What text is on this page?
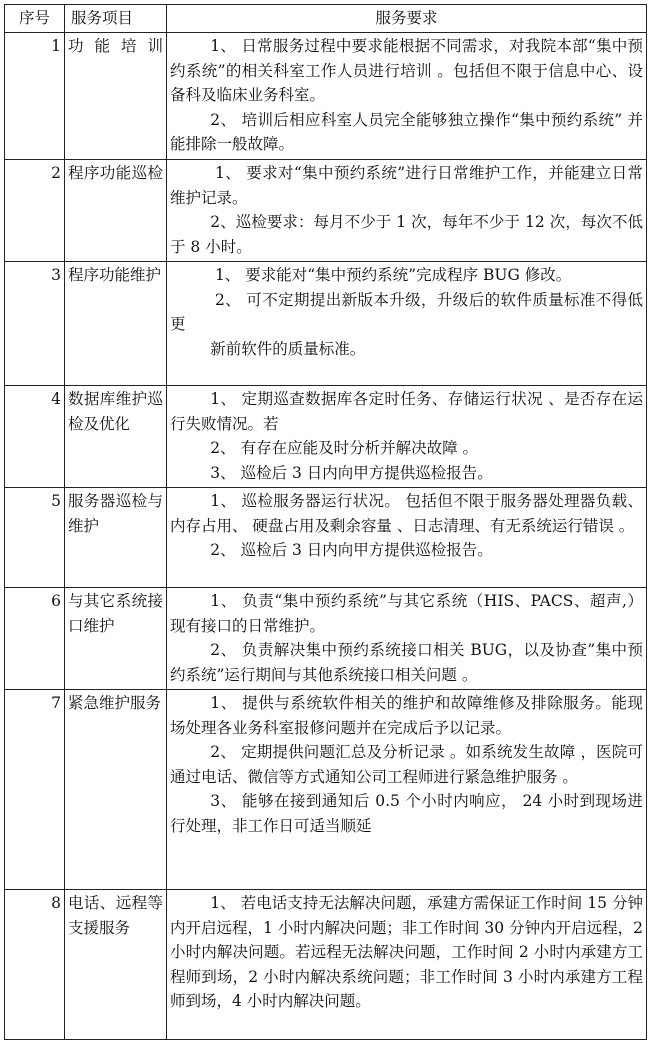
序号	服务项目	服务要求
1	功能培训	1、 日常服务过程中要求能根据不同需求，对我院本部“集中预约系统”的相关科室工作人员进行培训 。包括但不限于信息中心、设备科及临床业务科室。
2、 培训后相应科室人员完全能够独立操作“集中预约系统” 并能排除一般故障。

2	程序功能巡检	1、 要求对“集中预约系统”进行日常维护工作，并能建立日常维护记录。
2、巡检要求：每月不少于 1 次，每年不少于 12 次，每次不低于 8 小时。

3	程序功能维护	1、 要求能对“集中预约系统”完成程序 BUG 修改。
2、 可不定期提出新版本升级，升级后的软件质量标准不得低更
新前软件的质量标准。

4	数据库维护巡检及优化	1、 定期巡查数据库各定时任务、存储运行状况 、是否存在运行失败情况。若
2、 有存在应能及时分析并解决故障 。
3、 巡检后 3 日内向甲方提供巡检报告。

5	服务器巡检与维护	1、 巡检服务器运行状况。 包括但不限于服务器处理器负载、内存占用、 硬盘占用及剩余容量 、日志清理、有无系统运行错误 。
2、 巡检后 3 日内向甲方提供巡检报告。

6	与其它系统接口维护	1、 负责“集中预约系统”与其它系统（HIS、PACS、超声,）现有接口的日常维护。
2、 负责解决集中预约系统接口相关 BUG，以及协查”集中预约系统”运行期间与其他系统接口相关问题 。

7	紧急维护服务	1、 提供与系统软件相关的维护和故障维修及排除服务。能现场处理各业务科室报修问题并在完成后予以记录。
2、 定期提供问题汇总及分析记录 。如系统发生故障 ，医院可通过电话、微信等方式通知公司工程师进行紧急维护服务 。
3、 能够在接到通知后 0.5 个小时内响应， 24 小时到现场进行处理，非工作日可适当顺延

8	电话、远程等支援服务	1、 若电话支持无法解决问题，承建方需保证工作时间 15 分钟内开启远程，1 小时内解决问题；非工作时间 30 分钟内开启远程，2 小时内解决问题。若远程无法解决问题，工作时间 2 小时内承建方工程师到场，2 小时内解决系统问题；非工作时间 3 小时内承建方工程师到场，4 小时内解决问题。
